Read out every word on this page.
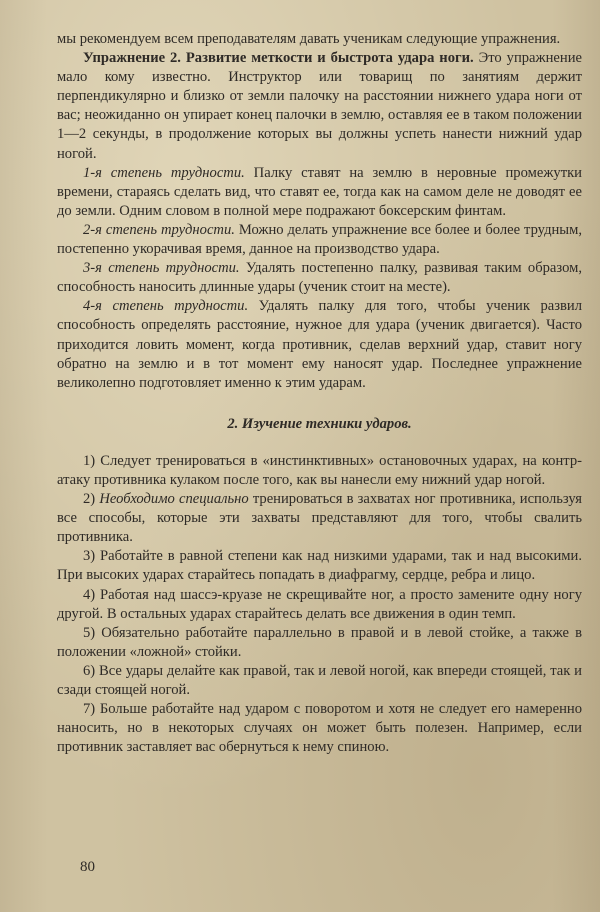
мы рекомендуем всем преподавателям давать ученикам следующие упражнения.

Упражнение 2. Развитие меткости и быстрота удара ноги. Это упражнение мало кому известно. Инструктор или товарищ по занятиям держит перпендикулярно и близко от земли палочку на расстоянии нижнего удара ноги от вас; неожиданно он упирает конец палочки в землю, оставляя ее в таком положении 1—2 секунды, в продолжение которых вы должны успеть нанести нижний удар ногой.

1-я степень трудности. Палку ставят на землю в неровные промежутки времени, стараясь сделать вид, что ставят ее, тогда как на самом деле не доводят ее до земли. Одним словом в полной мере подражают боксерским финтам.

2-я степень трудности. Можно делать упражнение все более и более трудным, постепенно укорачивая время, данное на производство удара.

3-я степень трудности. Удалять постепенно палку, развивая таким образом, способность наносить длинные удары (ученик стоит на месте).

4-я степень трудности. Удалять палку для того, чтобы ученик развил способность определять расстояние, нужное для удара (ученик двигается). Часто приходится ловить момент, когда противник, сделав верхний удар, ставит ногу обратно на землю и в тот момент ему наносят удар. Последнее упражнение великолепно подготовляет именно к этим ударам.

2. Изучение техники ударов.

1) Следует тренироваться в «инстинктивных» остановочных ударах, на контр-атаку противника кулаком после того, как вы нанесли ему нижний удар ногой.

2) Необходимо специально тренироваться в захватах ног противника, используя все способы, которые эти захваты представляют для того, чтобы свалить противника.

3) Работайте в равной степени как над низкими ударами, так и над высокими. При высоких ударах старайтесь попадать в диафрагму, сердце, ребра и лицо.

4) Работая над шассэ-круазе не скрещивайте ног, а просто замените одну ногу другой. В остальных ударах старайтесь делать все движения в один темп.

5) Обязательно работайте параллельно в правой и в левой стойке, а также в положении «ложной» стойки.

6) Все удары делайте как правой, так и левой ногой, как впереди стоящей, так и сзади стоящей ногой.

7) Больше работайте над ударом с поворотом и хотя не следует его намеренно наносить, но в некоторых случаях он может быть полезен. Например, если противник заставляет вас обернуться к нему спиною.

80
